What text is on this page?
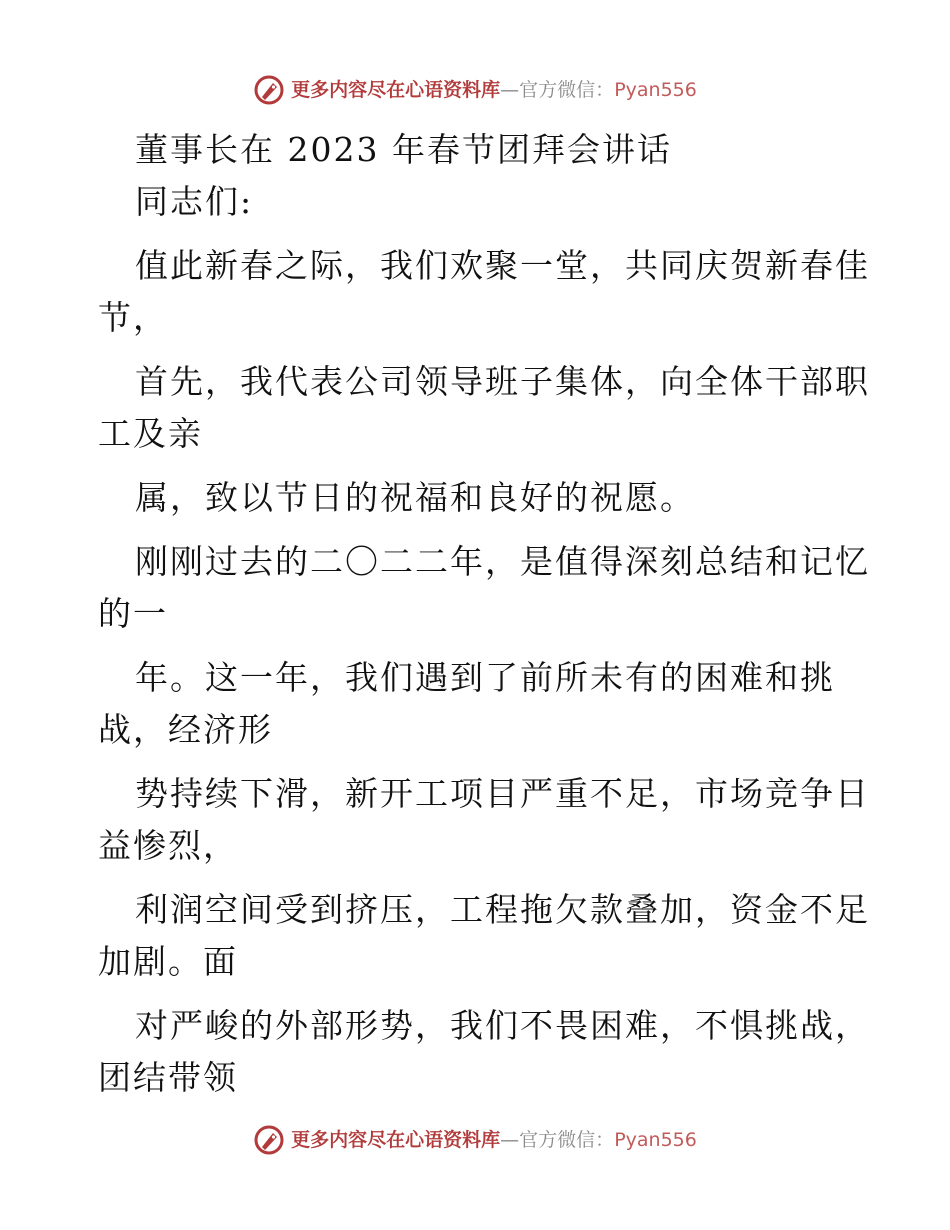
更多内容尽在心语资料库—官方微信：Pyan556
董事长在 2023 年春节团拜会讲话
同志们:
值此新春之际，我们欢聚一堂，共同庆贺新春佳
节，
首先，我代表公司领导班子集体，向全体干部职
工及亲
属，致以节日的祝福和良好的祝愿。
刚刚过去的二〇二二年，是值得深刻总结和记忆
的一
年。这一年，我们遇到了前所未有的困难和挑
战，经济形
势持续下滑，新开工项目严重不足，市场竞争日
益惨烈，
利润空间受到挤压，工程拖欠款叠加，资金不足
加剧。面
对严峻的外部形势，我们不畏困难，不惧挑战，
团结带领
更多内容尽在心语资料库—官方微信：Pyan556
